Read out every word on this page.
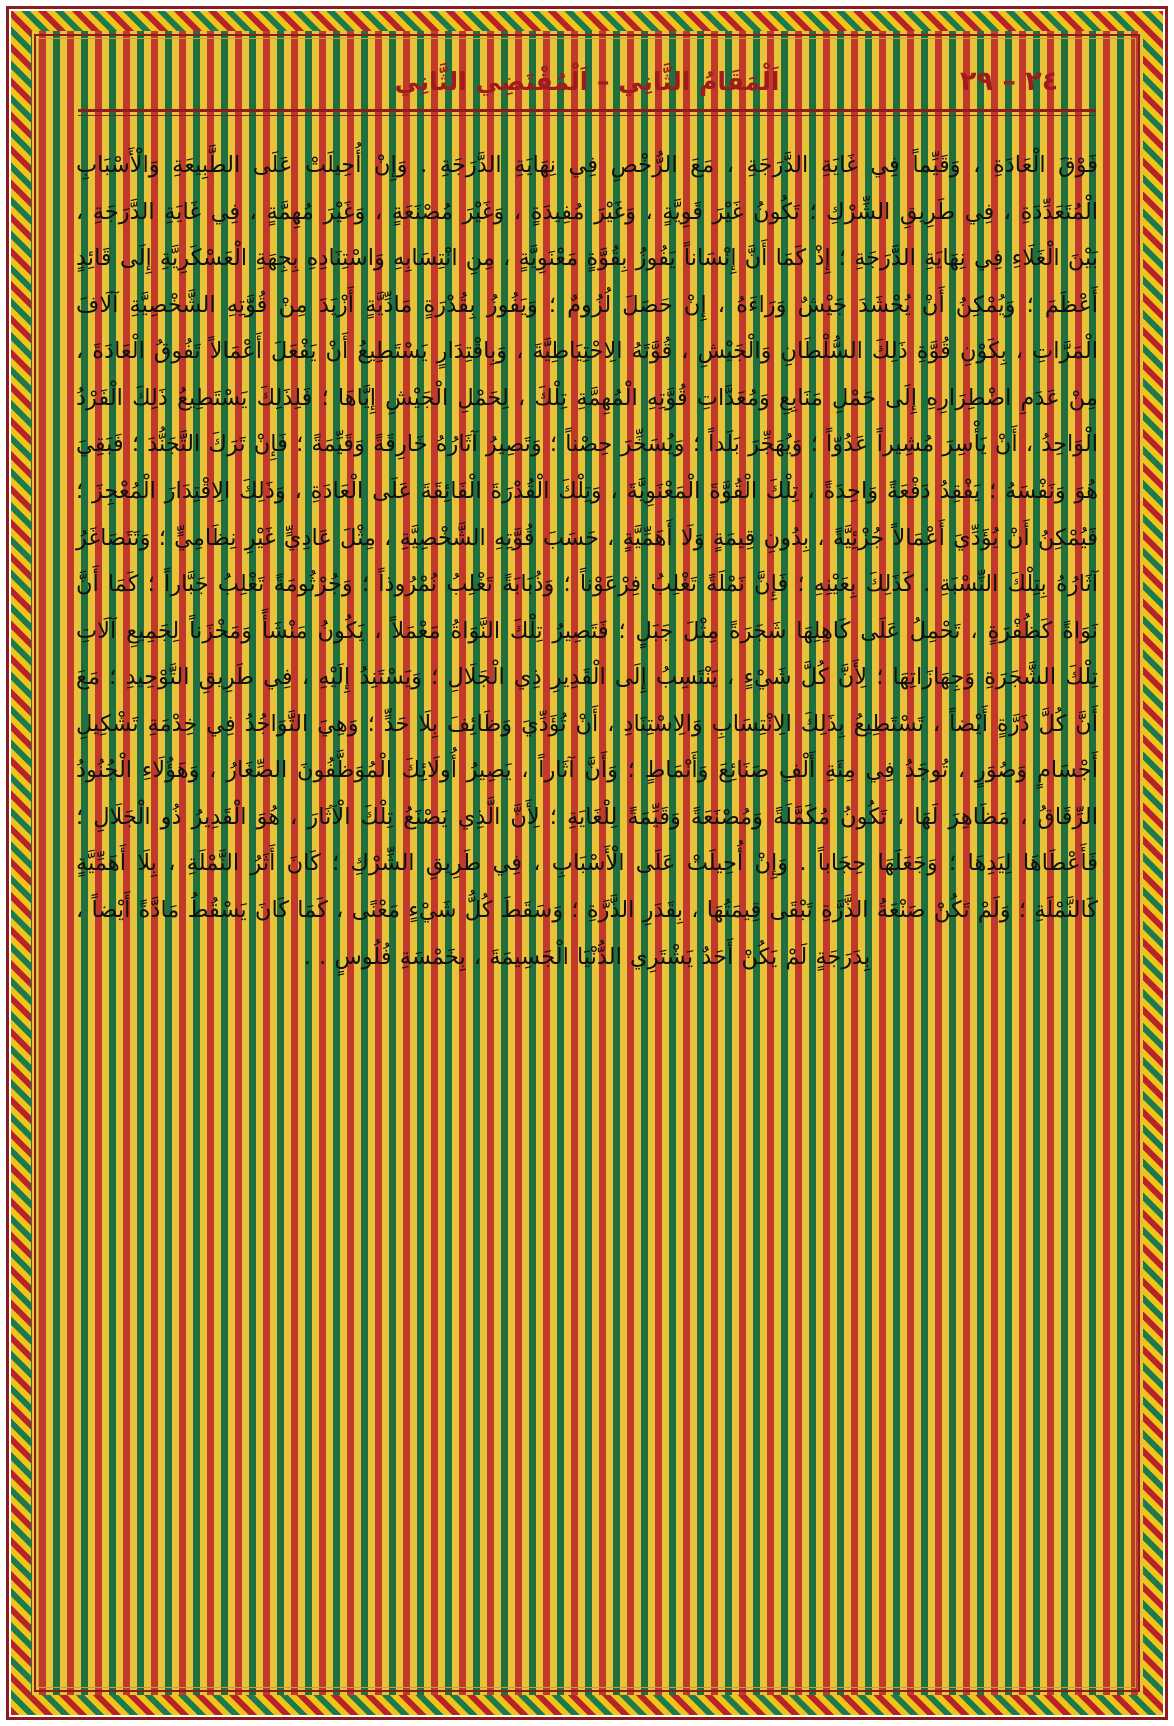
٢٤ – ٢٩
اَلْمَقَامُ الثَّانِي – اَلْمُقْتَضِي الثَّانِي

فَوْقَ الْعَادَةِ ، وَقَيِّماً فِي غَايَةِ الدَّرَجَةِ ، مَعَ الرُّخْصِ فِي نِهَايَةِ الدَّرَجَةِ . وَإِنْ أُحِيلَتْ عَلَى الطَّبِيعَةِ وَالْأَسْبَابِ الْمُتَعَدِّدَةِ ، فِي طَرِيقِ الشِّرْكِ ؛ تَكُونُ غَيْرَ قَوِيَّةٍ ، وَغَيْرَ مُفِيدَةٍ ، وَغَيْرَ مُصْنَعَةٍ ، وَغَيْرَ مُهِمَّةٍ ، فِي غَايَةِ الدَّرَجَةِ ، بَيْنَ الْغَلَاءِ فِي نِهَايَةِ الدَّرَجَةِ ؛ إِذْ كَمَا أَنَّ إِنْسَاناً يَفُوزُ بِقُوَّةٍ مَعْنَوِيَّةٍ ، مِنِ انْتِسَابِهِ وَاسْتِنَادِهِ بِجِهَةِ الْعَسْكَرِيَّةِ إِلَى قَائِدٍ أَعْظَمَ ؛ وَيُمْكِنُ أَنْ يُحْشَدَ جَيْشٌ وَرَاءَهُ ، إِنْ حَصَلَ لُزُومٌ ؛ وَيَفُوزُ بِقُدْرَةٍ مَادِّيَّةٍ أَزْيَدَ مِنْ قُوَّتِهِ الشَّخْصِيَّةِ آلَافَ الْمَرَّاتِ ، بِكَوْنِ قُوَّةِ ذَلِكَ السُّلْطَانِ وَالْجَيْشِ ، قُوَّتَهُ الِاحْتِيَاطِيَّةَ ، وَبِاقْتِدَارٍ يَسْتَطِيعُ أَنْ يَفْعَلَ أَعْمَالاً تَفُوقُ الْعَادَةَ ، مِنْ عَدَمِ اضْطِرَارِهِ إِلَى حَمْلِ مَنَابِعِ وَمُعَدَّاتِ قُوَّتِهِ الْمُهِمَّةِ تِلْكَ ، لِحَمْلِ الْجَيْشِ إِيَّاهَا ؛ فَلِذَلِكَ يَسْتَطِيعُ ذَلِكَ الْفَرْدُ الْوَاحِدُ ، أَنْ يَأْسِرَ مُشِيراً عَدُوّاً ؛ وَيُهَجِّرَ بَلَداً ؛ وَيُسَخِّرَ حِصْناً ؛ وَتَصِيرُ آثَارُهُ خَارِقَةً وَقَيِّمَةً ؛ فَإِنْ تَرَكَ التَّجَنُّدَ ؛ فَبَقِيَ هُوَ وَنَفْسَهُ ؛ يَفْقِدُ دَفْعَةً وَاحِدَةً ، تِلْكَ الْقُوَّةَ الْمَعْنَوِيَّةَ ، وَتِلْكَ الْقُدْرَةَ الْفَائِقَةَ عَلَى الْعَادَةِ ، وَذَلِكَ الِاقْتِدَارَ الْمُعْجِزَ ؛ فَيُمْكِنُ أَنْ يُؤَدِّيَ أَعْمَالاً جُزْئِيَّةً ، بِدُونِ قِيمَةٍ وَلَا أَهَمِّيَّةٍ ، حَسَبَ قُوَّتِهِ الشَّخْصِيَّةِ ، مِثْلَ عَادِيٍّ غَيْرِ نِظَامِيٍّ ؛ وَتَتَصَاغَرُ آثَارُهُ بِتِلْكَ النِّسْبَةِ . كَذَلِكَ بِعَيْنِهِ ؛ فَإِنَّ نَمْلَةً تَغْلِبُ فِرْعَوْناً ؛ وَذُبَابَةً تَغْلِبُ نُمْرُوذاً ؛ وَجُرْثُومَةً تَغْلِبُ جَبَّاراً ؛ كَمَا أَنَّ نَوَاةً كَظُفْرَةٍ ، تَحْمِلُ عَلَى كَاهِلِهَا شَجَرَةً مِثْلَ جَبَلٍ ؛ فَتَصِيرُ تِلْكَ النَّوَاةُ مَعْمَلاً ، يَكُونُ مَنْشَأً وَمَخْزَناً لِجَمِيعِ آلَاتِ تِلْكَ الشَّجَرَةِ وَجِهَازَاتِهَا ؛ لِأَنَّ كُلَّ شَيْءٍ ، يَنْتَسِبُ إِلَى الْقَدِيرِ ذِي الْجَلَالِ ؛ وَيَسْتَنِدُ إِلَيْهِ ، فِي طَرِيقِ التَّوْحِيدِ ؛ مَعَ أَنَّ كُلَّ ذَرَّةٍ أَيْضاً ، تَسْتَطِيعُ بِذَلِكَ الِانْتِسَابِ وَالِاسْتِنَادِ ، أَنْ تُؤَدِّيَ وَظَائِفَ بِلَا حَدٍّ ؛ وَهِيَ التَّوَاجُدُ فِي خِدْمَةِ تَشْكِيلِ أَجْسَامٍ وَصُوَرٍ ، تُوجَدُ فِي مِئَةِ أَلْفِ صَنَائِعَ وَأَنْمَاطٍ ؛ وَأَنَّ آثَاراً ، يَصِيرُ أُولَائِكَ الْمُوَظَّفُونَ الصِّغَارُ ، وَهَؤُلَاءِ الْجُنُودُ الرِّقَاقُ ، مَظَاهِرَ لَهَا ، تَكُونُ مُكَمَّلَةً وَمُصْنَعَةً وَقَيِّمَةً لِلْغَايَةِ ؛ لِأَنَّ الَّذِي يَصْنَعُ تِلْكَ الْآثَارَ ، هُوَ الْقَدِيرُ ذُو الْجَلَالِ ؛ فَأَعْطَاهَا لِيَدِهَا ؛ وَجَعَلَهَا حِجَاباً . وَإِنْ أُحِيلَتْ عَلَى الْأَسْبَابِ ، فِي طَرِيقِ الشِّرْكِ ؛ كَانَ أَثَرُ النَّمْلَةِ ، بِلَا أَهَمِّيَّةٍ كَالنَّمْلَةِ ؛ وَلَمْ تَكُنْ صَنْعَةُ الذَّرَّةِ تَبْقَى قِيمَتُهَا ، بِقَدَرِ الذَّرَّةِ ؛ وَسَقَطَ كُلُّ شَيْءٍ مَعْنًى ، كَمَا كَانَ يَسْقُطُ مَادَّةً أَيْضاً ، بِدَرَجَةٍ لَمْ يَكُنْ أَحَدٌ يَشْتَرِي الدُّنْيَا الْجَسِيمَةَ ، بِخَمْسَةِ فُلُوسٍ . .
